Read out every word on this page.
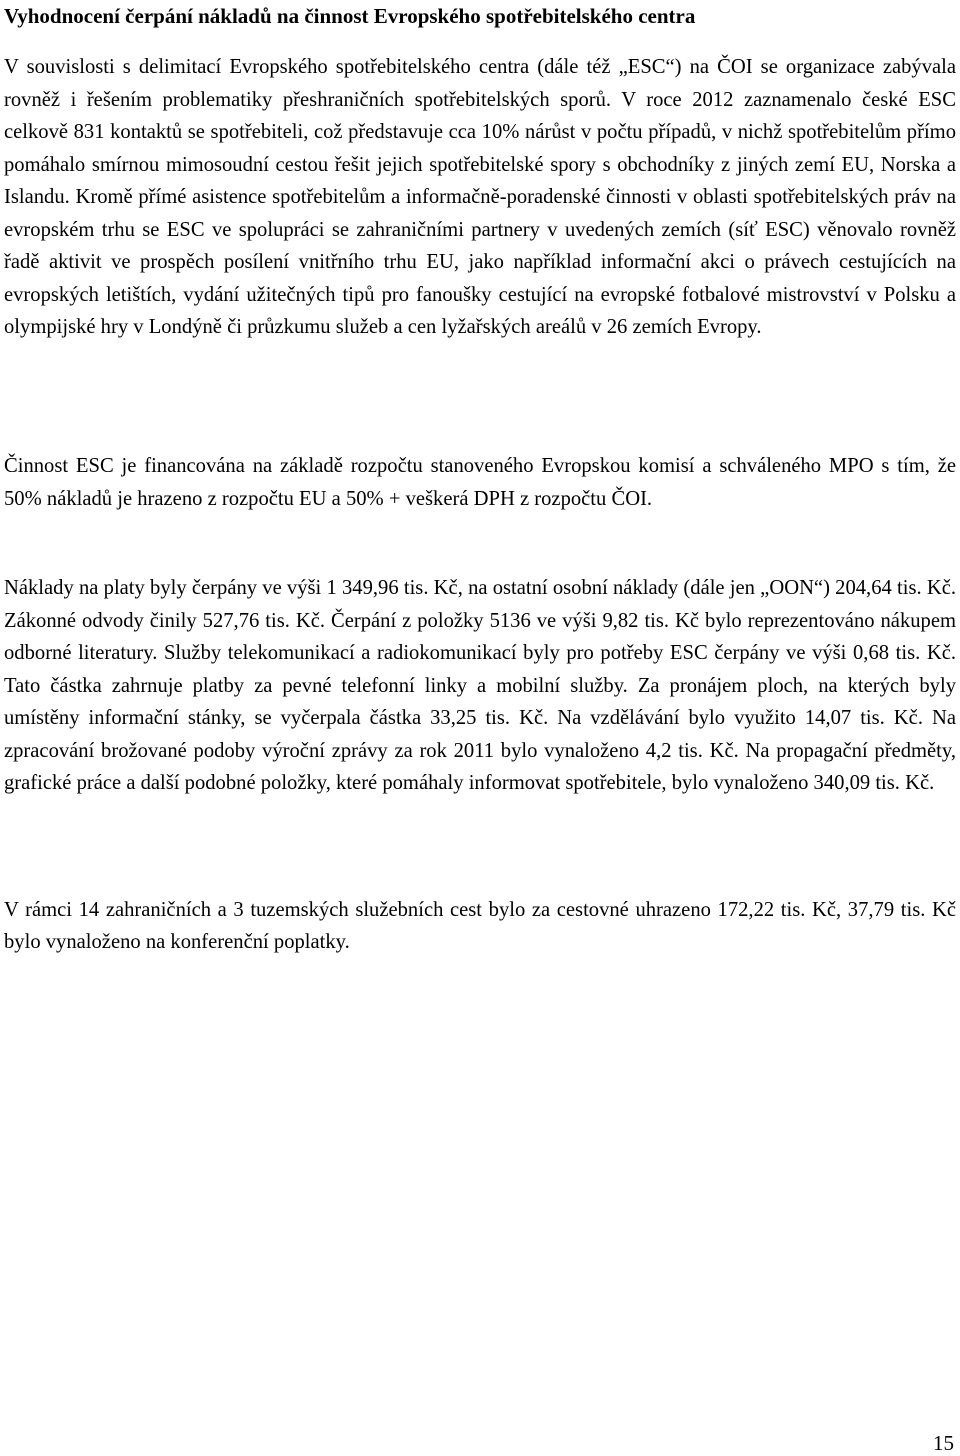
Vyhodnocení čerpání nákladů na činnost Evropského spotřebitelského centra

V souvislosti s delimitací Evropského spotřebitelského centra (dále též „ESC“) na ČOI se organizace zabývala rovněž i řešením problematiky přeshraničních spotřebitelských sporů. V roce 2012 zaznamenalo české ESC celkově 831 kontaktů se spotřebiteli, což představuje cca 10% nárůst v počtu případů, v nichž spotřebitelům přímo pomáhalo smírnou mimosoudní cestou řešit jejich spotřebitelské spory s obchodníky z jiných zemí EU, Norska a Islandu. Kromě přímé asistence spotřebitelům a informačně-poradenské činnosti v oblasti spotřebitelských práv na evropském trhu se ESC ve spolupráci se zahraničními partnery v uvedených zemích (síť ESC) věnovalo rovněž řadě aktivit ve prospěch posílení vnitřního trhu EU, jako například informační akci o právech cestujících na evropských letištích, vydání užitečných tipů pro fanoušky cestující na evropské fotbalové mistrovství v Polsku a olympijské hry v Londýně či průzkumu služeb a cen lyžařských areálů v 26 zemích Evropy.

Činnost ESC je financována na základě rozpočtu stanoveného Evropskou komisí a schváleného MPO s tím, že 50% nákladů je hrazeno z rozpočtu EU a 50% + veškerá DPH z rozpočtu ČOI.

Náklady na platy byly čerpány ve výši 1 349,96 tis. Kč, na ostatní osobní náklady (dále jen „OON“) 204,64 tis. Kč. Zákonné odvody činily 527,76 tis. Kč. Čerpání z položky 5136 ve výši 9,82 tis. Kč bylo reprezentováno nákupem odborné literatury. Služby telekomunikací a radiokomunikací byly pro potřeby ESC čerpány ve výši 0,68 tis. Kč. Tato částka zahrnuje platby za pevné telefonní linky a mobilní služby. Za pronájem ploch, na kterých byly umístěny informační stánky, se vyčerpala částka 33,25 tis. Kč. Na vzdělávání bylo využito 14,07 tis. Kč. Na zpracování brožované podoby výroční zprávy za rok 2011 bylo vynaloženo 4,2 tis. Kč. Na propagační předměty, grafické práce a další podobné položky, které pomáhaly informovat spotřebitele, bylo vynaloženo 340,09 tis. Kč.

V rámci 14 zahraničních a 3 tuzemských služebních cest bylo za cestovné uhrazeno 172,22 tis. Kč, 37,79 tis. Kč bylo vynaloženo na konferenční poplatky.

15
